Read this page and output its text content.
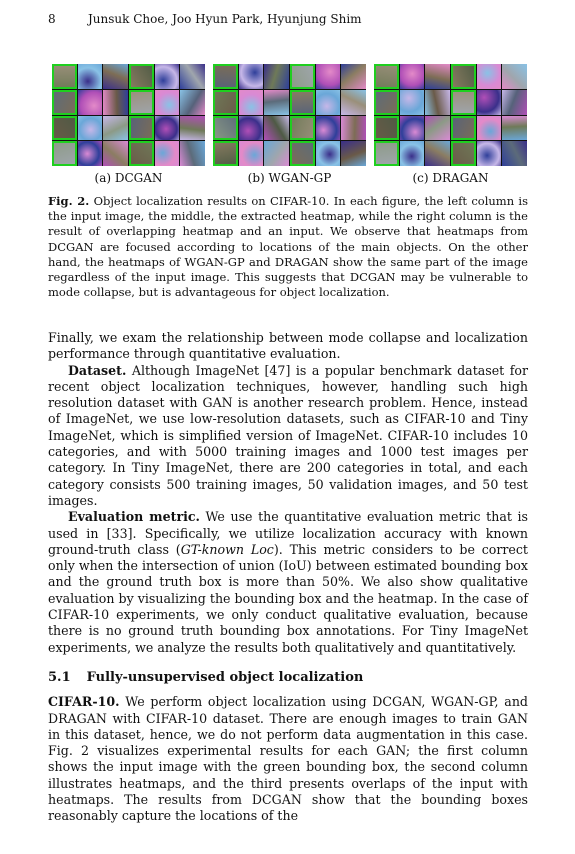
8	Junsuk Choe, Joo Hyun Park, Hyunjung Shim
(a) DCGAN	(b) WGAN-GP	(c) DRAGAN
Fig. 2. Object localization results on CIFAR-10. In each figure, the left column is the input image, the middle, the extracted heatmap, while the right column is the result of overlapping heatmap and an input. We observe that heatmaps from DCGAN are focused according to locations of the main objects. On the other hand, the heatmaps of WGAN-GP and DRAGAN show the same part of the image regardless of the input image. This suggests that DCGAN may be vulnerable to mode collapse, but is advantageous for object localization.

Finally, we exam the relationship between mode collapse and localization performance through quantitative evaluation.

Dataset. Although ImageNet [47] is a popular benchmark dataset for recent object localization techniques, however, handling such high resolution dataset with GAN is another research problem. Hence, instead of ImageNet, we use low-resolution datasets, such as CIFAR-10 and Tiny ImageNet, which is simplified version of ImageNet. CIFAR-10 includes 10 categories, and with 5000 training images and 1000 test images per category. In Tiny ImageNet, there are 200 categories in total, and each category consists 500 training images, 50 validation images, and 50 test images.

Evaluation metric. We use the quantitative evaluation metric that is used in [33]. Specifically, we utilize localization accuracy with known ground-truth class (GT-known Loc). This metric considers to be correct only when the intersection of union (IoU) between estimated bounding box and the ground truth box is more than 50%. We also show qualitative evaluation by visualizing the bounding box and the heatmap. In the case of CIFAR-10 experiments, we only conduct qualitative evaluation, because there is no ground truth bounding box annotations. For Tiny ImageNet experiments, we analyze the results both qualitatively and quantitatively.

5.1 Fully-unsupervised object localization

CIFAR-10. We perform object localization using DCGAN, WGAN-GP, and DRAGAN with CIFAR-10 dataset. There are enough images to train GAN in this dataset, hence, we do not perform data augmentation in this case. Fig. 2 visualizes experimental results for each GAN; the first column shows the input image with the green bounding box, the second column illustrates heatmaps, and the third presents overlaps of the input with heatmaps. The results from DCGAN show that the bounding boxes reasonably capture the locations of the
